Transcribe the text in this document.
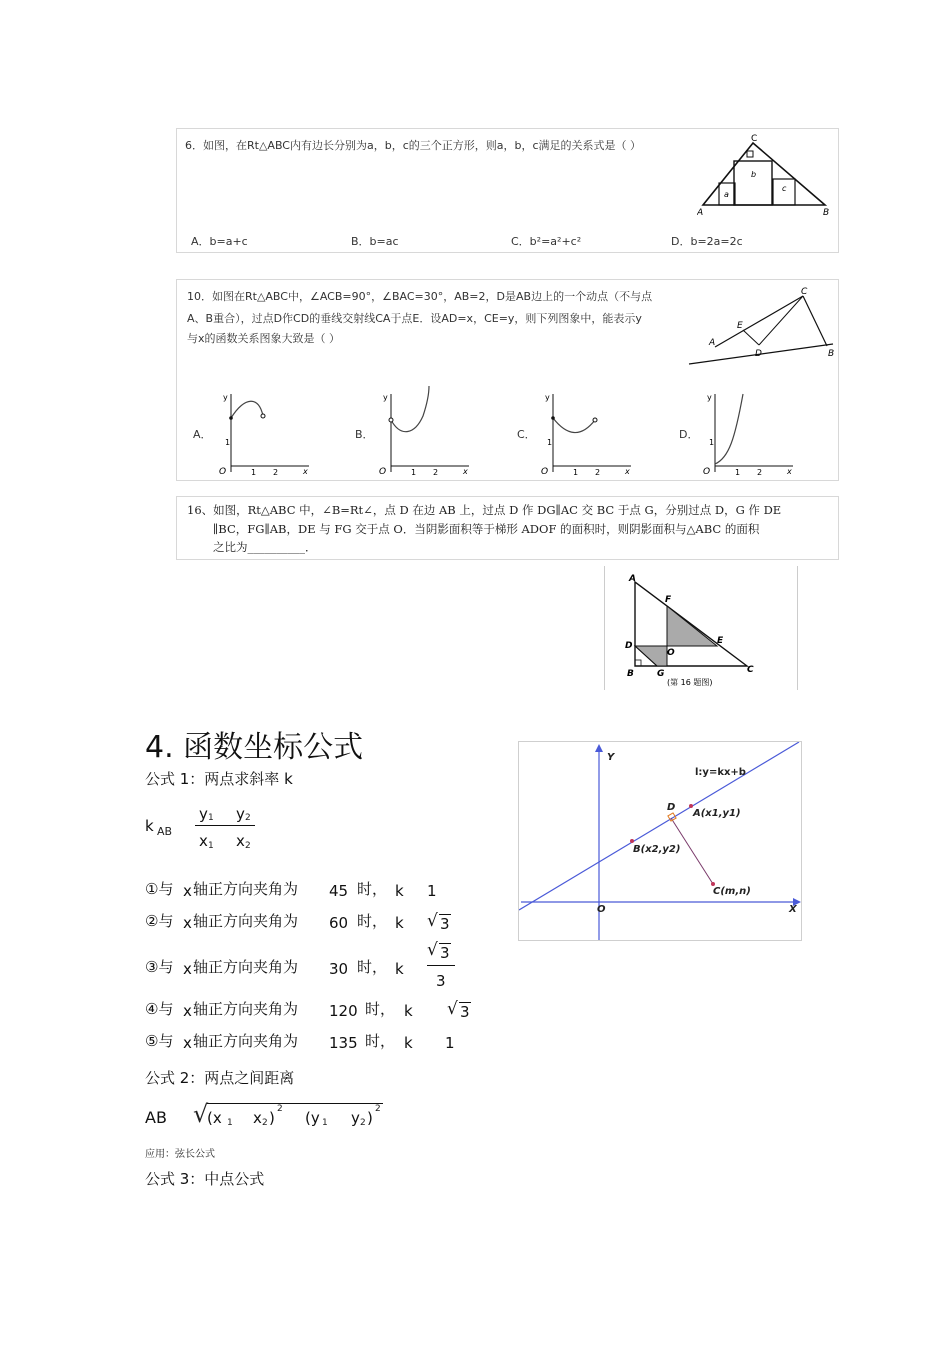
6．如图，在Rt△ABC内有边长分别为a，b，c的三个正方形，则a，b，c满足的关系式是（ ）	C
A	B
a
b
c
A．b=a+c	B．b=ac	C．b²=a²+c²	D．b=2a=2c
10．如图在Rt△ABC中，∠ACB=90°，∠BAC=30°，AB=2，D是AB边上的一个动点（不与点
A、B重合），过点D作CD的垂线交射线CA于点E．设AD=x，CE=y，则下列图象中，能表示y
与x的函数关系图象大致是（ ）
C
A
B
E
D
A．
y
x
O
1
1 2
B．
y
x
O	1 2
C．
y
x
O
1
1 2
D．
y
x
O
1
1 2
16、如图，Rt△ABC 中，∠B=Rt∠，点 D 在边 AB 上，过点 D 作 DG∥AC 交 BC 于点 G，分别过点 D，G 作 DE
∥BC，FG∥AB，DE 与 FG 交于点 O．当阴影面积等于梯形 ADOF 的面积时，则阴影面积与△ABC 的面积
之比为__________．
A
F
D
O
E
B	G	C
(第 16 题图)
4. 函数坐标公式
公式 1：两点求斜率 k
k AB
y 1 y 2
x 1 x 2
①与 x 轴正方向夹角为 45 时， k 1
②与 x 轴正方向夹角为 60 时， k √ 3
③与 x 轴正方向夹角为 30 时， k
√ 3
3
④与 x 轴正方向夹角为 120 时， k √ 3
⑤与 x 轴正方向夹角为 135 时， k 1
公式 2：两点之间距离
AB √
(x 1 x 2 ) 2 (y 1 y 2 ) 2
应用：弦长公式
公式 3：中点公式
Y
X
O
l:y=kx+b
D
A(x1,y1)
B(x2,y2)
C(m,n)
